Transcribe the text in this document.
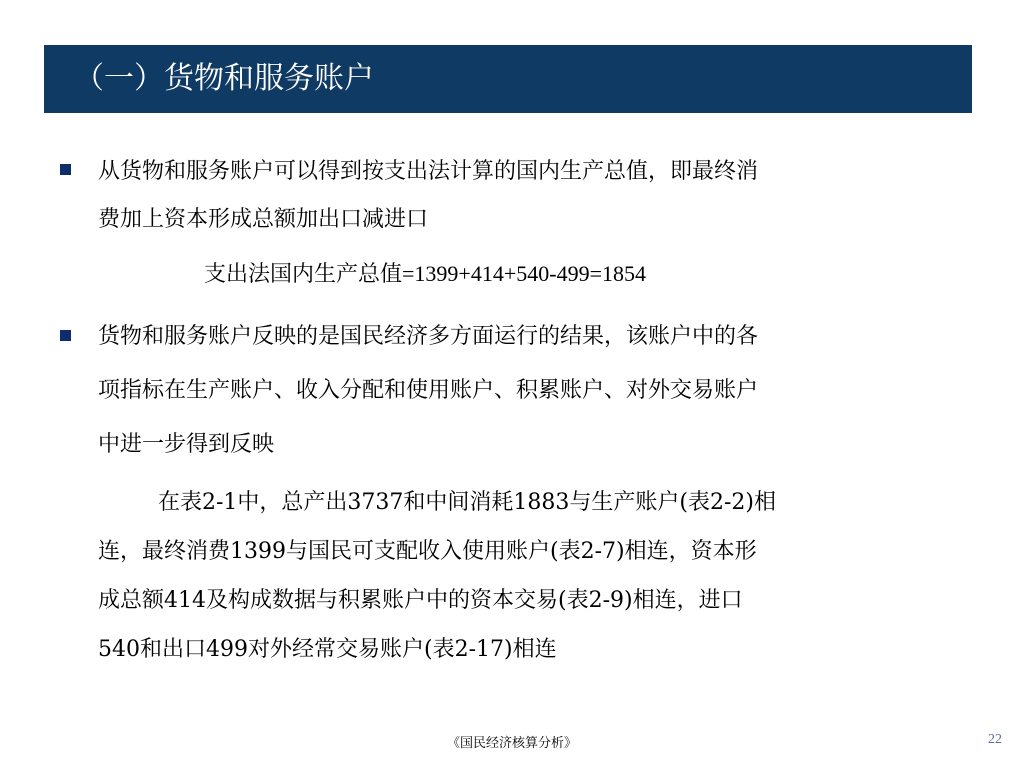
（一）货物和服务账户
从货物和服务账户可以得到按支出法计算的国内生产总值，即最终消
费加上资本形成总额加出口减进口
支出法国内生产总值=1399+414+540-499=1854
货物和服务账户反映的是国民经济多方面运行的结果，该账户中的各
项指标在生产账户、收入分配和使用账户、积累账户、对外交易账户
中进一步得到反映
在表2-1中，总产出3737和中间消耗1883与生产账户(表2-2)相
连，最终消费1399与国民可支配收入使用账户(表2-7)相连，资本形
成总额414及构成数据与积累账户中的资本交易(表2-9)相连，进口
540和出口499对外经常交易账户(表2-17)相连
《国民经济核算分析》	22
